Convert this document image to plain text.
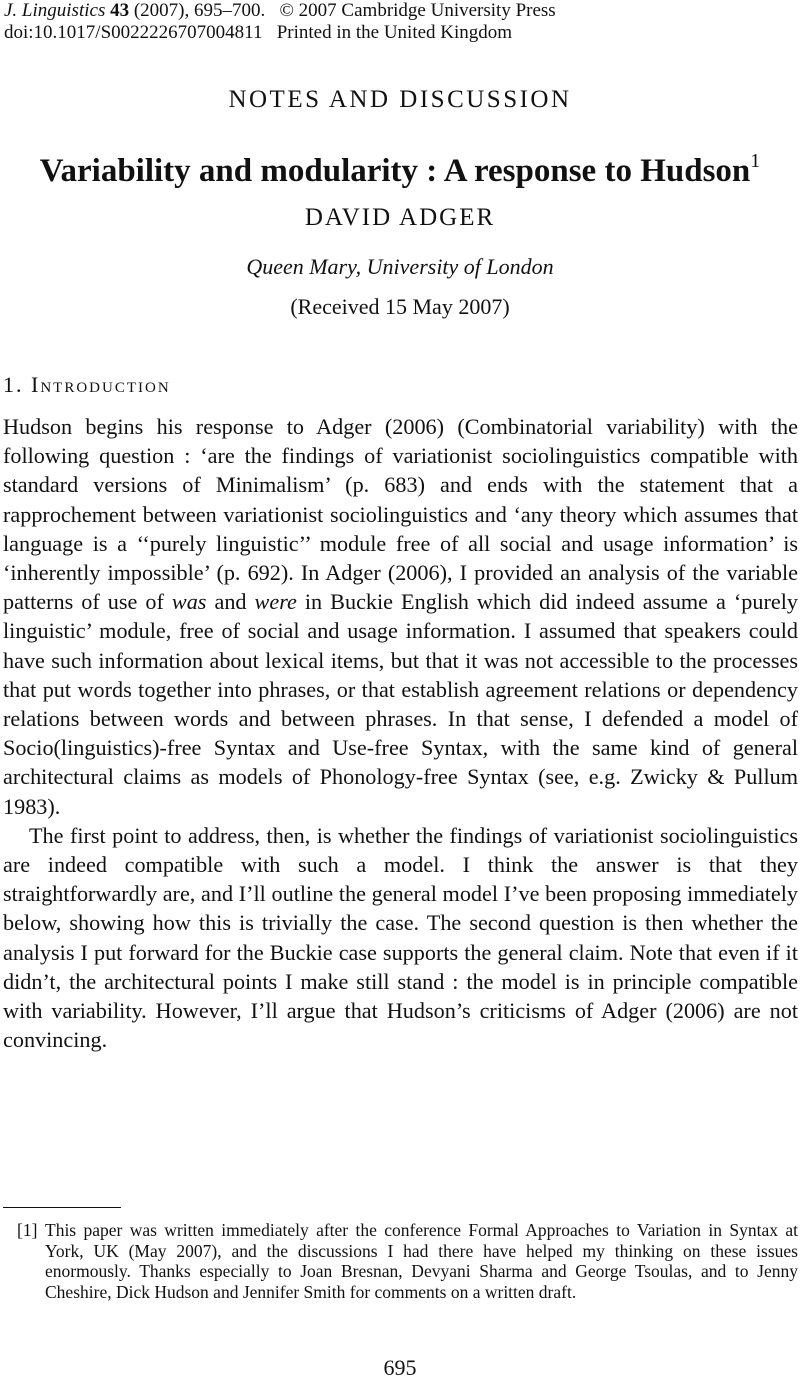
J. Linguistics 43 (2007), 695–700. © 2007 Cambridge University Press
doi:10.1017/S0022226707004811 Printed in the United Kingdom
NOTES AND DISCUSSION
Variability and modularity : A response to Hudson$^1$
DAVID ADGER
Queen Mary, University of London
(Received 15 May 2007)
1. Introduction

Hudson begins his response to Adger (2006) (Combinatorial variability) with the following question : ‘are the findings of variationist sociolinguistics compatible with standard versions of Minimalism’ (p. 683) and ends with the statement that a rapprochement between variationist sociolinguistics and ‘any theory which assumes that language is a ‘‘purely linguistic’’ module free of all social and usage information’ is ‘inherently impossible’ (p. 692). In Adger (2006), I provided an analysis of the variable patterns of use of was and were in Buckie English which did indeed assume a ‘purely linguistic’ module, free of social and usage information. I assumed that speakers could have such information about lexical items, but that it was not accessible to the processes that put words together into phrases, or that establish agreement relations or dependency relations between words and between phrases. In that sense, I defended a model of Socio(linguistics)-free Syntax and Use-free Syntax, with the same kind of general architectural claims as models of Phonology-free Syntax (see, e.g. Zwicky & Pullum 1983).

The first point to address, then, is whether the findings of variationist sociolinguistics are indeed compatible with such a model. I think the answer is that they straightforwardly are, and I’ll outline the general model I’ve been proposing immediately below, showing how this is trivially the case. The second question is then whether the analysis I put forward for the Buckie case supports the general claim. Note that even if it didn’t, the architectural points I make still stand : the model is in principle compatible with variability. However, I’ll argue that Hudson’s criticisms of Adger (2006) are not convincing.

[1] This paper was written immediately after the conference Formal Approaches to Variation in Syntax at York, UK (May 2007), and the discussions I had there have helped my thinking on these issues enormously. Thanks especially to Joan Bresnan, Devyani Sharma and George Tsoulas, and to Jenny Cheshire, Dick Hudson and Jennifer Smith for comments on a written draft.
695
